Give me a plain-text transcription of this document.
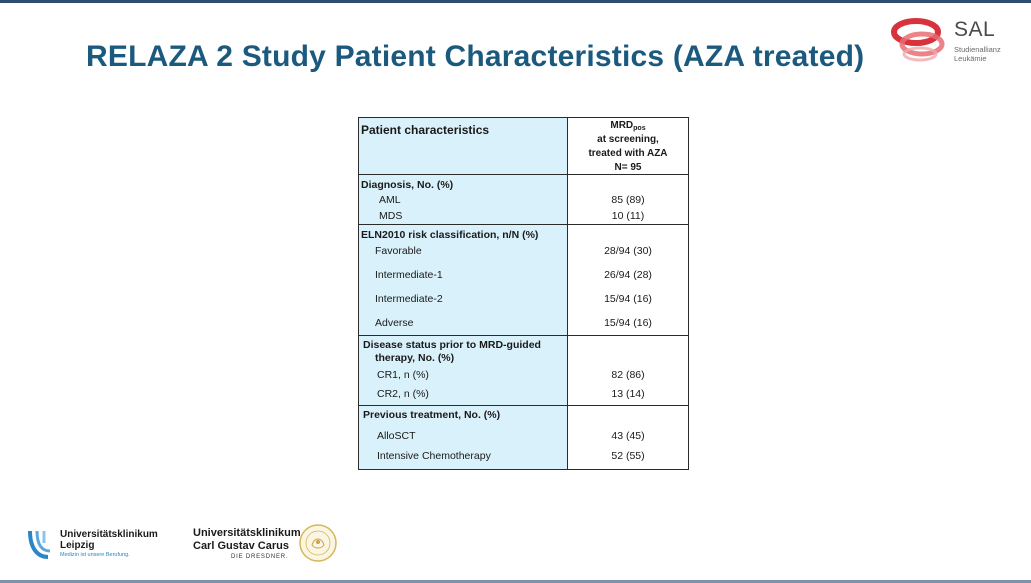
RELAZA 2 Study Patient Characteristics (AZA treated)
SAL
Studienallianz
Leukämie
Patient characteristics	$MRD_{pos}$
at screening,
treated with AZA
N= 95
Diagnosis, No. (%)
AML
MDS
85 (89)
10 (11)
ELN2010 risk classification, n/N (%)
Favorable
Intermediate-1
Intermediate-2
Adverse
28/94 (30)
26/94 (28)
15/94 (16)
15/94 (16)
Disease status prior to MRD-guided
therapy, No. (%)
CR1, n (%)
CR2, n (%)
82 (86)
13 (14)
Previous treatment, No. (%)
AlloSCT
Intensive Chemotherapy
43 (45)
52 (55)
Universitätsklinikum
Leipzig
Medizin ist unsere Berufung.
Universitätsklinikum
Carl Gustav Carus
DIE DRESDNER.
